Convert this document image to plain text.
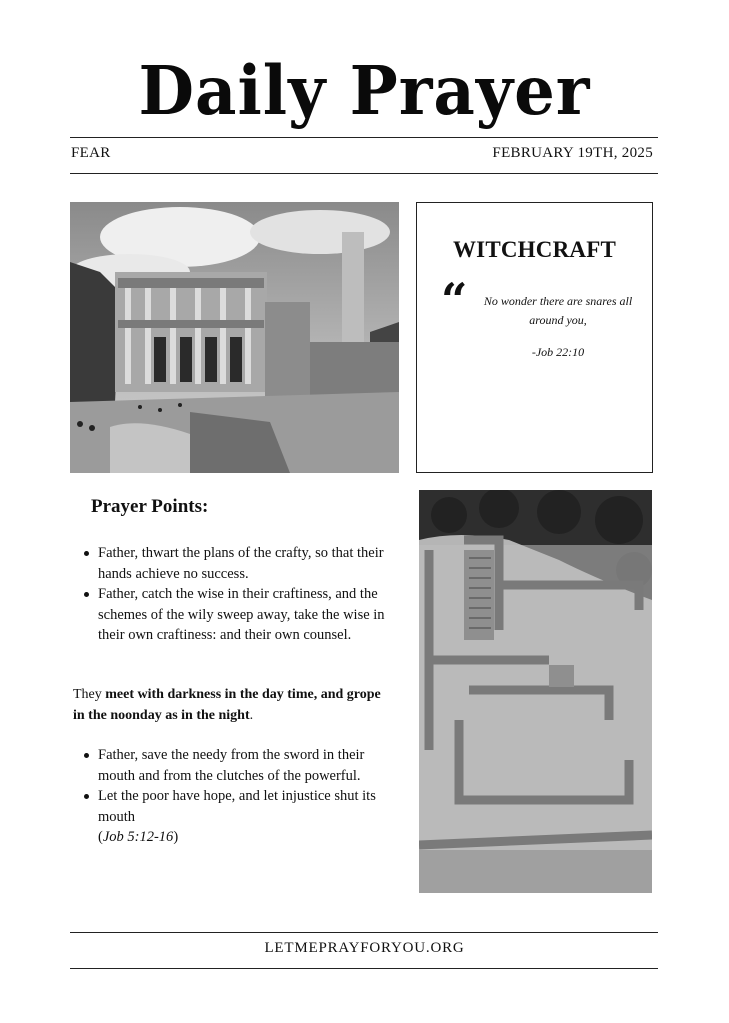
Daily Prayer
FEAR	FEBRUARY 19TH, 2025
WITCHCRAFT
“	No wonder there are snares all around you,
-Job 22:10
Prayer Points:
Father, thwart the plans of the crafty, so that their hands achieve no success.
Father, catch the wise in their craftiness, and the schemes of the wily sweep away, take the wise in their own craftiness: and their own counsel.
They meet with darkness in the day time, and grope in the noonday as in the night.
Father, save the needy from the sword in their mouth and from the clutches of the powerful.
Let the poor have hope, and let injustice shut its mouth
(Job 5:12-16)
LETMEPRAYFORYOU.ORG
